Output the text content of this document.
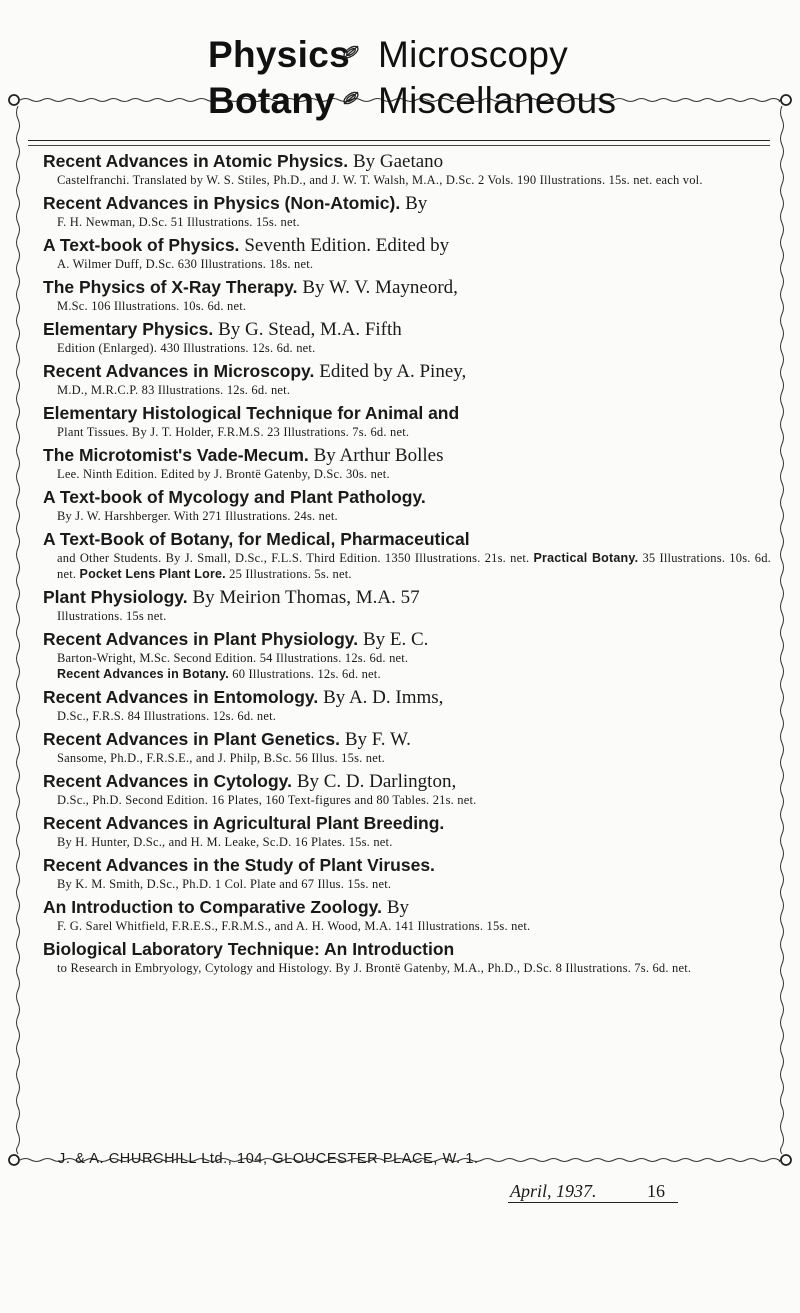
Physics Microscopy
Botany Miscellaneous
Recent Advances in Atomic Physics. By Gaetano
Castelfranchi. Translated by W. S. Stiles, Ph.D., and J. W. T. Walsh, M.A., D.Sc. 2 Vols. 190 Illustrations. 15s. net. each vol.
Recent Advances in Physics (Non-Atomic). By
F. H. Newman, D.Sc. 51 Illustrations. 15s. net.
A Text-book of Physics. Seventh Edition. Edited by
A. Wilmer Duff, D.Sc. 630 Illustrations. 18s. net.
The Physics of X-Ray Therapy. By W. V. Mayneord,
M.Sc. 106 Illustrations. 10s. 6d. net.
Elementary Physics. By G. Stead, M.A. Fifth
Edition (Enlarged). 430 Illustrations. 12s. 6d. net.
Recent Advances in Microscopy. Edited by A. Piney,
M.D., M.R.C.P. 83 Illustrations. 12s. 6d. net.
Elementary Histological Technique for Animal and
Plant Tissues. By J. T. Holder, F.R.M.S. 23 Illustrations. 7s. 6d. net.
The Microtomist's Vade-Mecum. By Arthur Bolles
Lee. Ninth Edition. Edited by J. Brontë Gatenby, D.Sc. 30s. net.
A Text-book of Mycology and Plant Pathology.
By J. W. Harshberger. With 271 Illustrations. 24s. net.
A Text-Book of Botany, for Medical, Pharmaceutical
and Other Students. By J. Small, D.Sc., F.L.S. Third Edition. 1350 Illustrations. 21s. net. Practical Botany. 35 Illustrations. 10s. 6d. net. Pocket Lens Plant Lore. 25 Illustrations. 5s. net.
Plant Physiology. By Meirion Thomas, M.A. 57
Illustrations. 15s net.
Recent Advances in Plant Physiology. By E. C.
Barton-Wright, M.Sc. Second Edition. 54 Illustrations. 12s. 6d. net.
Recent Advances in Botany. 60 Illustrations. 12s. 6d. net.
Recent Advances in Entomology. By A. D. Imms,
D.Sc., F.R.S. 84 Illustrations. 12s. 6d. net.
Recent Advances in Plant Genetics. By F. W.
Sansome, Ph.D., F.R.S.E., and J. Philp, B.Sc. 56 Illus. 15s. net.
Recent Advances in Cytology. By C. D. Darlington,
D.Sc., Ph.D. Second Edition. 16 Plates, 160 Text-figures and 80 Tables. 21s. net.
Recent Advances in Agricultural Plant Breeding.
By H. Hunter, D.Sc., and H. M. Leake, Sc.D. 16 Plates. 15s. net.
Recent Advances in the Study of Plant Viruses.
By K. M. Smith, D.Sc., Ph.D. 1 Col. Plate and 67 Illus. 15s. net.
An Introduction to Comparative Zoology. By
F. G. Sarel Whitfield, F.R.E.S., F.R.M.S., and A. H. Wood, M.A. 141 Illustrations. 15s. net.
Biological Laboratory Technique: An Introduction
to Research in Embryology, Cytology and Histology. By J. Brontë Gatenby, M.A., Ph.D., D.Sc. 8 Illustrations. 7s. 6d. net.
J. & A. CHURCHILL Ltd., 104, GLOUCESTER PLACE, W. 1.
April, 1937.	16
